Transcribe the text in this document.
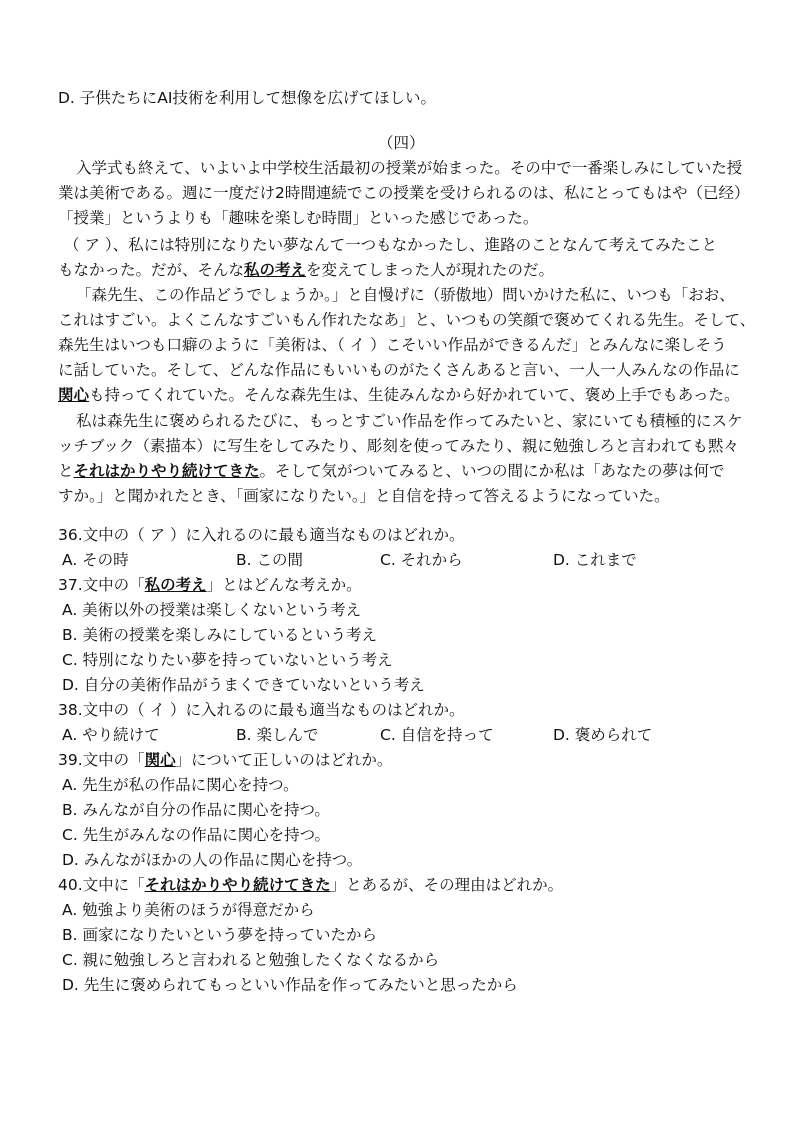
D. 子供たちにAI技術を利用して想像を広げてほしい。
（四）
入学式も終えて、いよいよ中学校生活最初の授業が始まった。その中で一番楽しみにしていた授
業は美術である。週に一度だけ2時間連続でこの授業を受けられるのは、私にとってもはや（已经）
「授業」というよりも「趣味を楽しむ時間」といった感じであった。
（ ア ）、私には特別になりたい夢なんて一つもなかったし、進路のことなんて考えてみたこと
もなかった。だが、そんな私の考えを変えてしまった人が現れたのだ。
「森先生、この作品どうでしょうか。」と自慢げに（骄傲地）問いかけた私に、いつも「おお、
これはすごい。よくこんなすごいもん作れたなあ」と、いつもの笑顔で褒めてくれる先生。そして、
森先生はいつも口癖のように「美術は、（ イ ）こそいい作品ができるんだ」とみんなに楽しそう
に話していた。そして、どんな作品にもいいものがたくさんあると言い、一人一人みんなの作品に
関心も持ってくれていた。そんな森先生は、生徒みんなから好かれていて、褒め上手でもあった。
私は森先生に褒められるたびに、もっとすごい作品を作ってみたいと、家にいても積極的にスケ
ッチブック（素描本）に写生をしてみたり、彫刻を使ってみたり、親に勉強しろと言われても黙々
とそれはかりやり続けてきた。そして気がついてみると、いつの間にか私は「あなたの夢は何で
すか。」と聞かれたとき、「画家になりたい。」と自信を持って答えるようになっていた。
36.文中の（ ア ）に入れるのに最も適当なものはどれか。
A. その時	B. この間	C. それから	D. これまで
37.文中の「私の考え」とはどんな考えか。
A. 美術以外の授業は楽しくないという考え
B. 美術の授業を楽しみにしているという考え
C. 特別になりたい夢を持っていないという考え
D. 自分の美術作品がうまくできていないという考え
38.文中の（ イ ）に入れるのに最も適当なものはどれか。
A. やり続けて	B. 楽しんで	C. 自信を持って	D. 褒められて
39.文中の「関心」について正しいのはどれか。
A. 先生が私の作品に関心を持つ。
B. みんなが自分の作品に関心を持つ。
C. 先生がみんなの作品に関心を持つ。
D. みんながほかの人の作品に関心を持つ。
40.文中に「それはかりやり続けてきた」とあるが、その理由はどれか。
A. 勉強より美術のほうが得意だから
B. 画家になりたいという夢を持っていたから
C. 親に勉強しろと言われると勉強したくなくなるから
D. 先生に褒められてもっといい作品を作ってみたいと思ったから
